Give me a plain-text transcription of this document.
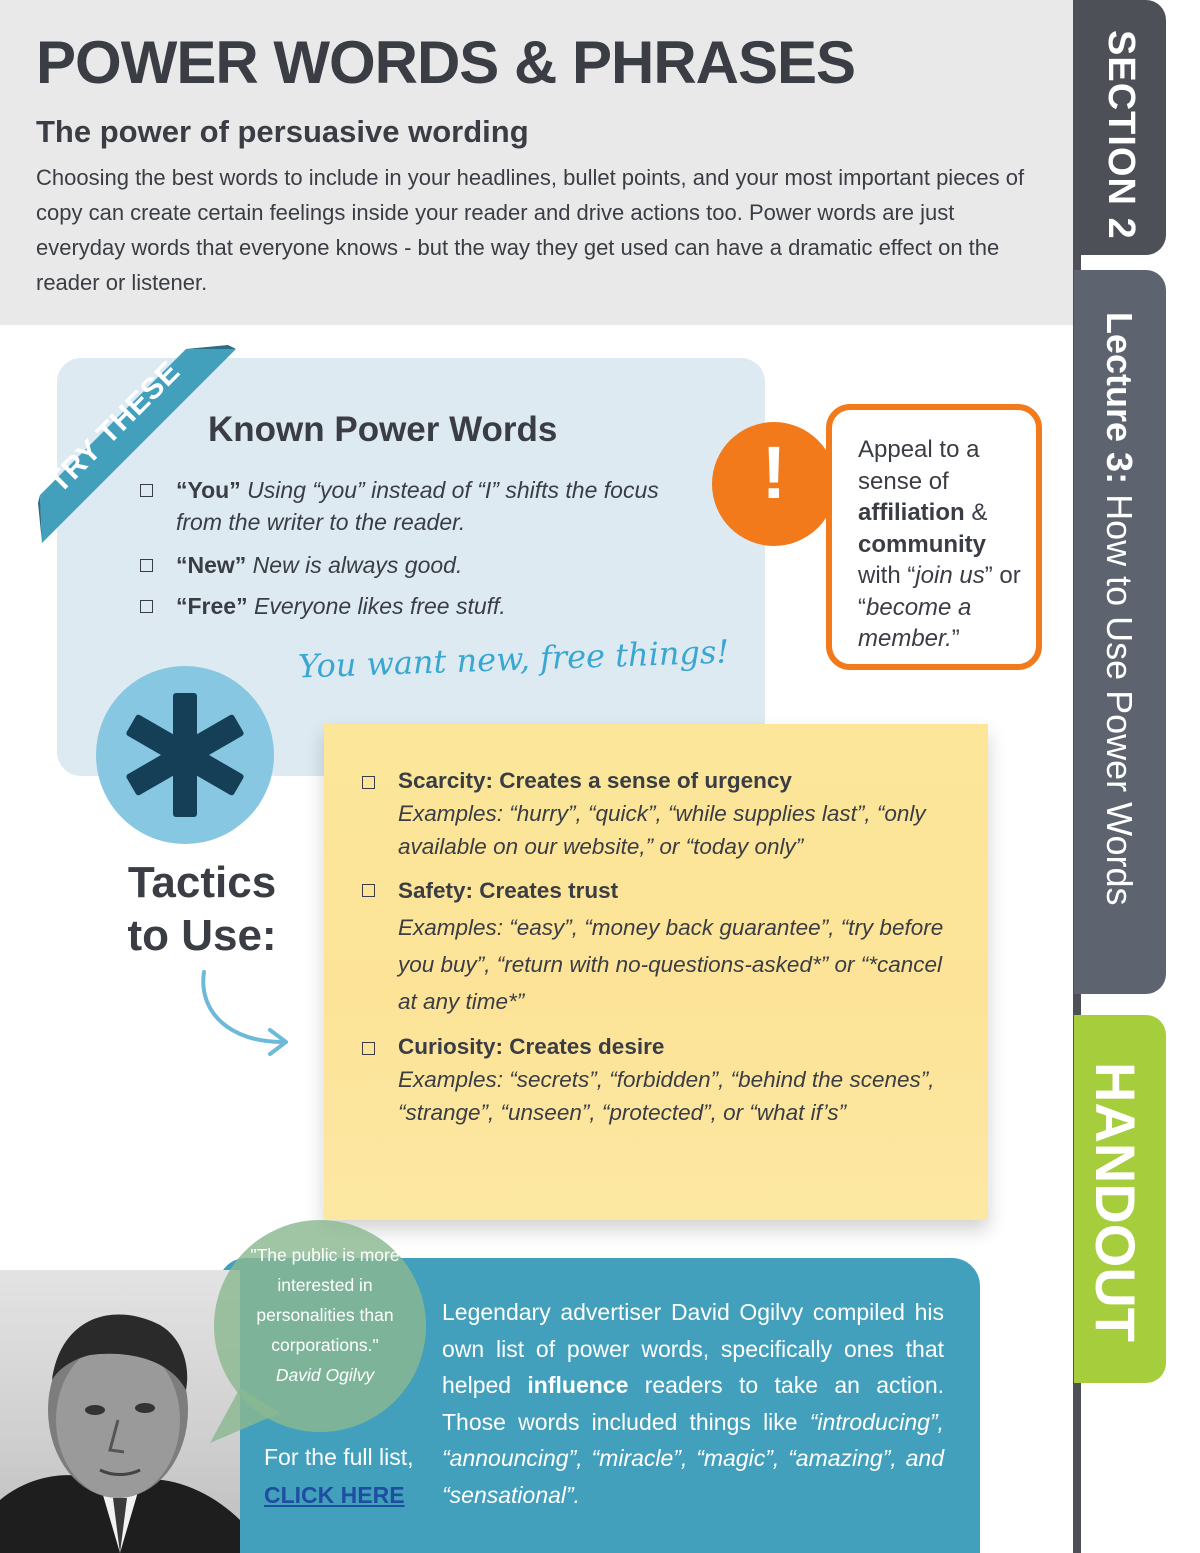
POWER WORDS & PHRASES
The power of persuasive wording
Choosing the best words to include in your headlines, bullet points, and your most important pieces of copy can create certain feelings inside your reader and drive actions too. Power words are just everyday words that everyone knows - but the way they get used can have a dramatic effect on the reader or listener.
SECTION 2
Lecture 3: How to Use Power Words
HANDOUT
TRY THESE Known Power Words
“You” Using “you” instead of “I” shifts the focus from the writer to the reader.
“New” New is always good.
“Free” Everyone likes free stuff.
You want new, free things!
!	Appeal to a sense of affiliation & community with “join us” or “become a member.”
Tactics to Use:
Scarcity: Creates a sense of urgency
Examples: “hurry”, “quick”, “while supplies last”, “only available on our website,” or “today only”
Safety: Creates trust
Examples: “easy”, “money back guarantee”, “try before you buy”, “return with no-questions-asked*” or “*cancel at any time*”
Curiosity: Creates desire
Examples: “secrets”, “forbidden”, “behind the scenes”, “strange”, “unseen”, “protected”, or “what if’s”
"The public is more interested in personalities than corporations."
David Ogilvy
For the full list,
CLICK HERE
Legendary advertiser David Ogilvy compiled his own list of power words, specifically ones that helped influence readers to take an action. Those words included things like “introducing”, “announcing”, “miracle”, “magic”, “amazing”, and “sensational”.
